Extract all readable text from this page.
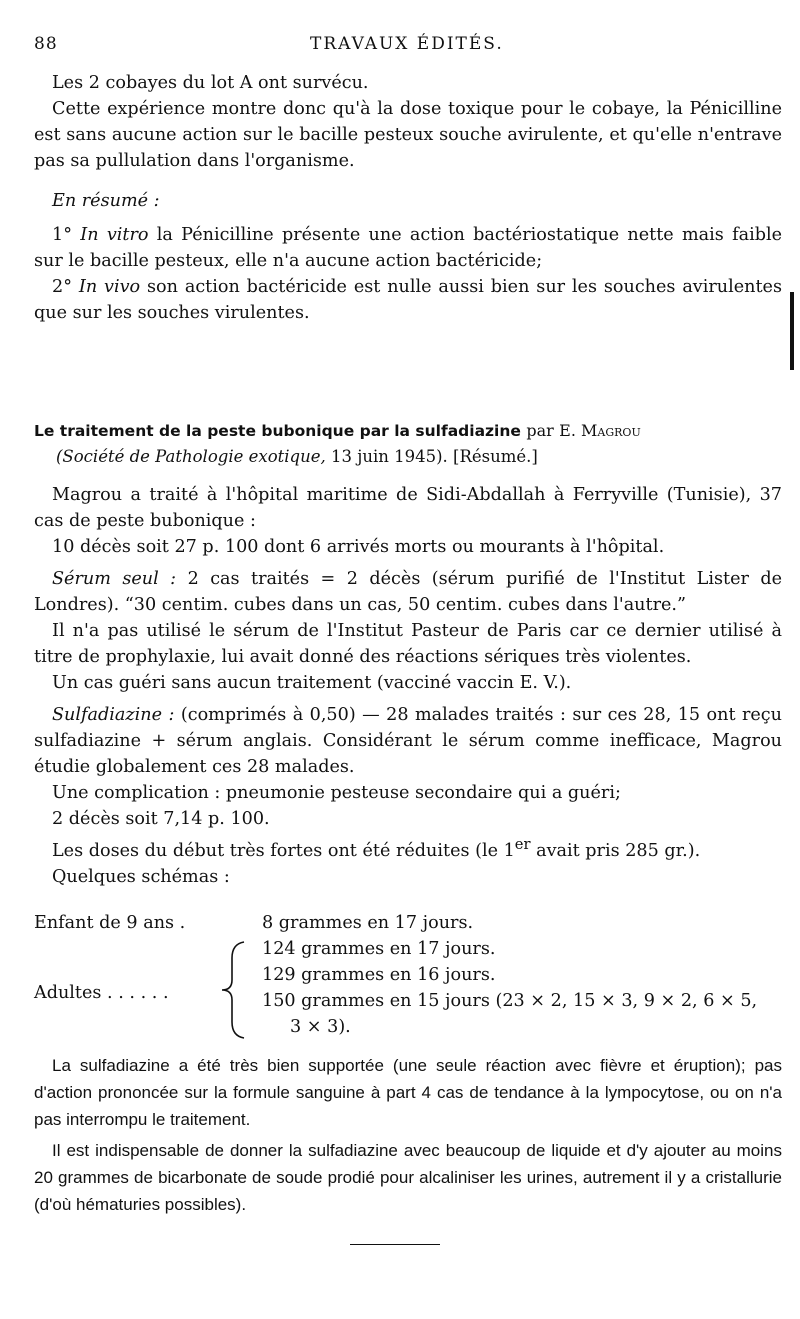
88	TRAVAUX ÉDITÉS.

Les 2 cobayes du lot A ont survécu.

Cette expérience montre donc qu'à la dose toxique pour le cobaye, la Pénicilline est sans aucune action sur le bacille pesteux souche avirulente, et qu'elle n'entrave pas sa pullulation dans l'organisme.

En résumé :

1° In vitro la Pénicilline présente une action bactériostatique nette mais faible sur le bacille pesteux, elle n'a aucune action bactéricide;

2° In vivo son action bactéricide est nulle aussi bien sur les souches avirulentes que sur les souches virulentes.

Le traitement de la peste bubonique par la sulfadiazine par E. Magrou
(Société de Pathologie exotique, 13 juin 1945). [Résumé.]

Magrou a traité à l'hôpital maritime de Sidi-Abdallah à Ferryville (Tunisie), 37 cas de peste bubonique :

10 décès soit 27 p. 100 dont 6 arrivés morts ou mourants à l'hôpital.

Sérum seul : 2 cas traités = 2 décès (sérum purifié de l'Institut Lister de Londres). “30 centim. cubes dans un cas, 50 centim. cubes dans l'autre.”

Il n'a pas utilisé le sérum de l'Institut Pasteur de Paris car ce dernier utilisé à titre de prophylaxie, lui avait donné des réactions sériques très violentes.

Un cas guéri sans aucun traitement (vacciné vaccin E. V.).

Sulfadiazine : (comprimés à 0,50) — 28 malades traités : sur ces 28, 15 ont reçu sulfadiazine + sérum anglais. Considérant le sérum comme inefficace, Magrou étudie globalement ces 28 malades.

Une complication : pneumonie pesteuse secondaire qui a guéri;

2 décès soit 7,14 p. 100.

Les doses du début très fortes ont été réduites (le 1er avait pris 285 gr.).

Quelques schémas :

Enfant de 9 ans .	8 grammes en 17 jours.
Adultes . . . . . .
124 grammes en 17 jours.
129 grammes en 16 jours.
150 grammes en 15 jours (23 × 2, 15 × 3, 9 × 2, 6 × 5,
3 × 3).

La sulfadiazine a été très bien supportée (une seule réaction avec fièvre et éruption); pas d'action prononcée sur la formule sanguine à part 4 cas de tendance à la lympocytose, ou on n'a pas interrompu le traitement.

Il est indispensable de donner la sulfadiazine avec beaucoup de liquide et d'y ajouter au moins 20 grammes de bicarbonate de soude prodié pour alcaliniser les urines, autrement il y a cristallurie (d'où hématuries possibles).
